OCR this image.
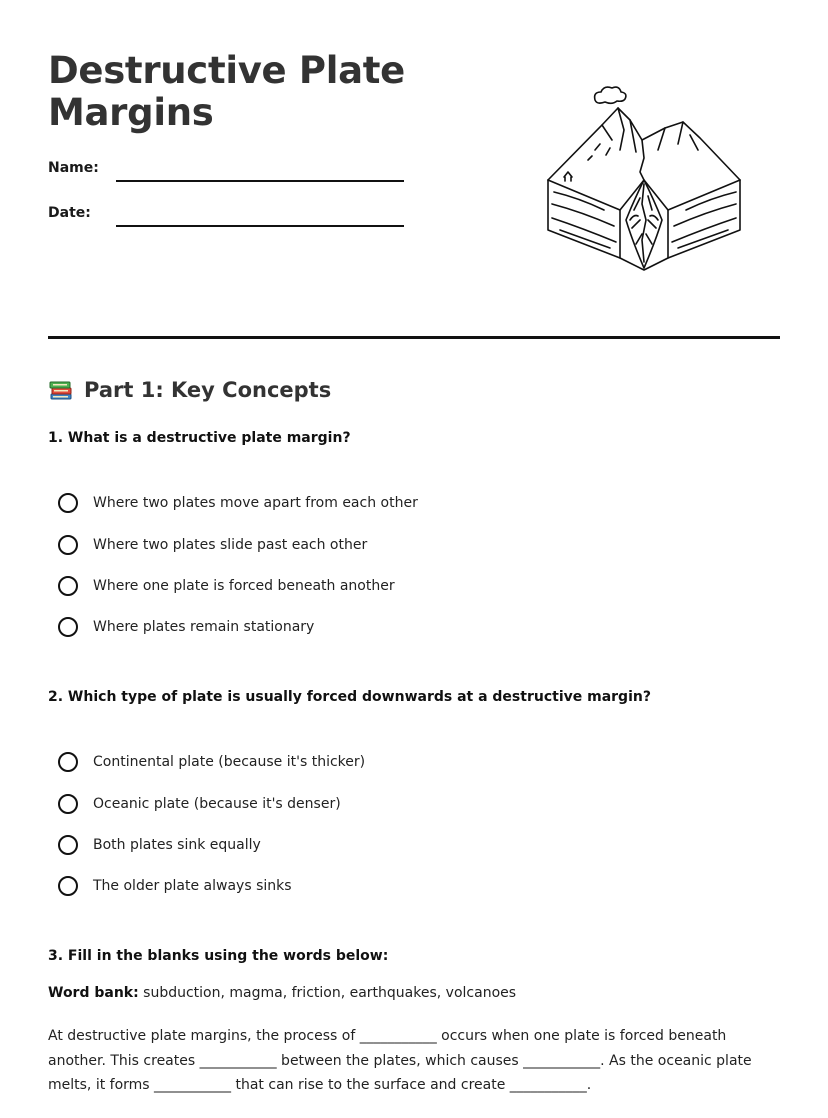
Destructive Plate
Margins
Name:
Date:
Part 1: Key Concepts
1. What is a destructive plate margin?
Where two plates move apart from each other
Where two plates slide past each other
Where one plate is forced beneath another
Where plates remain stationary
2. Which type of plate is usually forced downwards at a destructive margin?
Continental plate (because it's thicker)
Oceanic plate (because it's denser)
Both plates sink equally
The older plate always sinks
3. Fill in the blanks using the words below:
Word bank: subduction, magma, friction, earthquakes, volcanoes
At destructive plate margins, the process of ___________ occurs when one plate is forced beneath another. This creates ___________ between the plates, which causes ___________. As the oceanic plate melts, it forms ___________ that can rise to the surface and create ___________.
